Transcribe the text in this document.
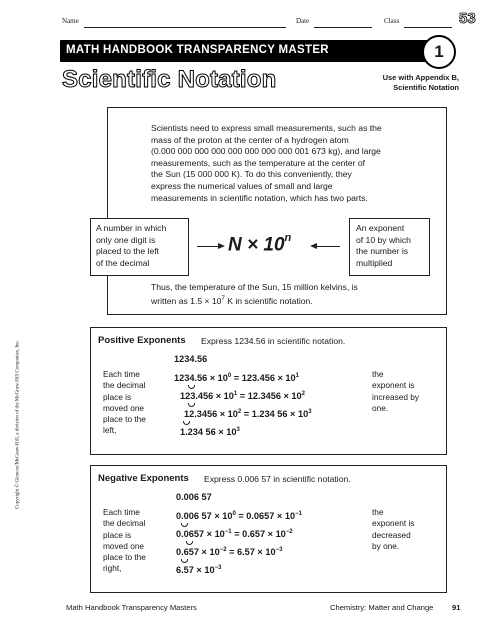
Name	Date	Class	53
MATH HANDBOOK TRANSPARENCY MASTER	1
Scientific Notation	Use with Appendix B,
Scientific Notation
Scientists need to express small measurements, such as the
mass of the proton at the center of a hydrogen atom
(0.000 000 000 000 000 000 000 000 001 673 kg), and large
measurements, such as the temperature at the center of
the Sun (15 000 000 K). To do this conveniently, they
express the numerical values of small and large
measurements in scientific notation, which has two parts.
A number in which
only one digit is
placed to the left
of the decimal
$N \times 10^n$
An exponent
of 10 by which
the number is
multiplied
Thus, the temperature of the Sun, 15 million kelvins, is
written as $1.5 \times 10^7$ K in scientific notation.
Positive Exponents Express 1234.56 in scientific notation.
1234.56
$1234.56 \times 10^0 = 123.456 \times 10^1$
$123.456 \times 10^1 = 12.3456 \times 10^2$
$12.3456 \times 10^2 = 1.234$ $56 \times 10^3$
1.234 $56 \times 10^3$
Each time
the decimal
place is
moved one
place to the
left,
the
exponent is
increased by
one.
Negative Exponents Express 0.006 57 in scientific notation.
0.006 57
0.006 $57 \times 10^0 = 0.0657 \times 10^{-1}$
$0.0657 \times 10^{-1} = 0.657 \times 10^{-2}$
$0.657 \times 10^{-2} = 6.57 \times 10^{-3}$
$6.57 \times 10^{-3}$
Each time
the decimal
place is
moved one
place to the
right,
the
exponent is
decreased
by one.
Copyright © Glencoe/McGraw-Hill, a division of the McGraw-Hill Companies, Inc.
Math Handbook Transparency Masters	Chemistry: Matter and Change 91
